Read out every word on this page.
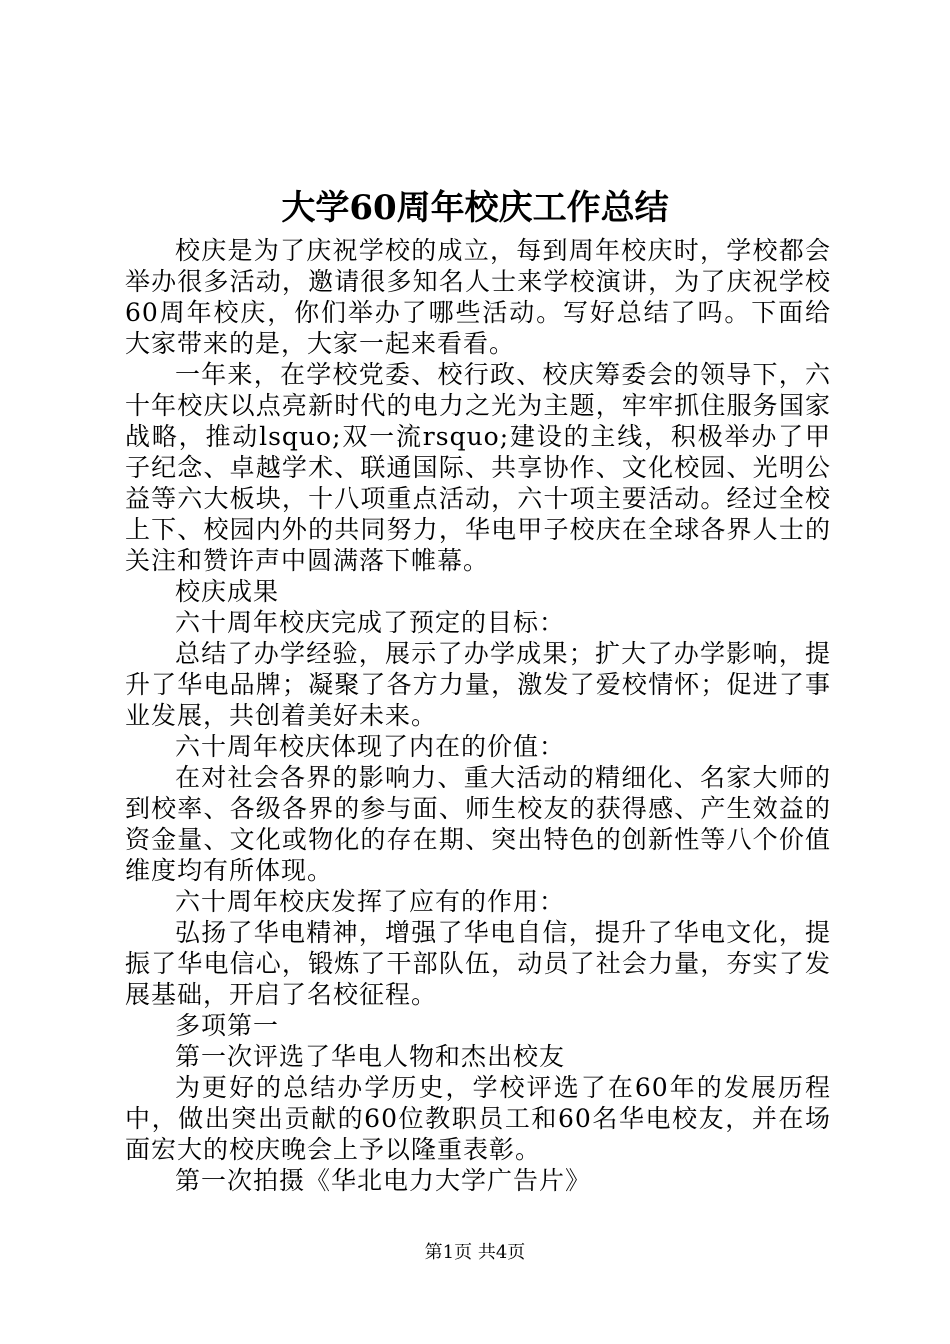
大学60周年校庆工作总结

校庆是为了庆祝学校的成立，每到周年校庆时，学校都会举办很多活动，邀请很多知名人士来学校演讲，为了庆祝学校60周年校庆，你们举办了哪些活动。写好总结了吗。下面给大家带来的是，大家一起来看看。

一年来，在学校党委、校行政、校庆筹委会的领导下，六十年校庆以点亮新时代的电力之光为主题，牢牢抓住服务国家战略，推动lsquo;双一流rsquo;建设的主线，积极举办了甲子纪念、卓越学术、联通国际、共享协作、文化校园、光明公益等六大板块，十八项重点活动，六十项主要活动。经过全校上下、校园内外的共同努力，华电甲子校庆在全球各界人士的关注和赞许声中圆满落下帷幕。

校庆成果

六十周年校庆完成了预定的目标：

总结了办学经验，展示了办学成果；扩大了办学影响，提升了华电品牌；凝聚了各方力量，激发了爱校情怀；促进了事业发展，共创着美好未来。

六十周年校庆体现了内在的价值：

在对社会各界的影响力、重大活动的精细化、名家大师的到校率、各级各界的参与面、师生校友的获得感、产生效益的资金量、文化或物化的存在期、突出特色的创新性等八个价值维度均有所体现。

六十周年校庆发挥了应有的作用：

弘扬了华电精神，增强了华电自信，提升了华电文化，提振了华电信心，锻炼了干部队伍，动员了社会力量，夯实了发展基础，开启了名校征程。

多项第一

第一次评选了华电人物和杰出校友

为更好的总结办学历史，学校评选了在60年的发展历程中，做出突出贡献的60位教职员工和60名华电校友，并在场面宏大的校庆晚会上予以隆重表彰。

第一次拍摄《华北电力大学广告片》

第1页 共4页
